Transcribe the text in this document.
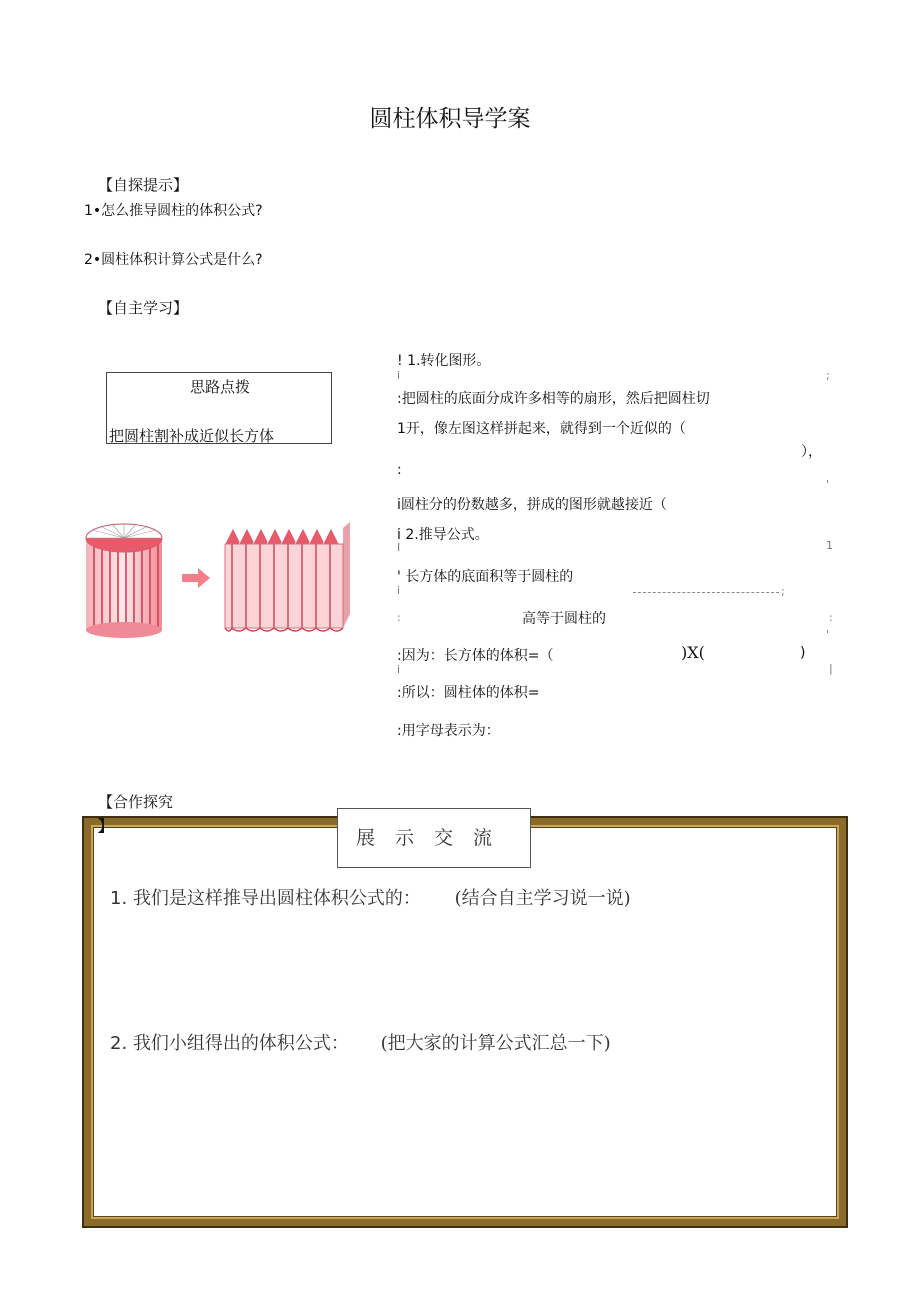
圆柱体积导学案
【自探提示】
1•怎么推导圆柱的体积公式?
2•圆柱体积计算公式是什么?
【自主学习】
思路点拨
把圆柱割补成近似长方体
! 1.转化图形。
i	;
:把圆柱的底面分成许多相等的扇形，然后把圆柱切
1开，像左图这样拼起来，就得到一个近似的（
），
:
'
i圆柱分的份数越多，拼成的图形就越接近（
i 2.推导公式。
I	1
' 长方体的底面积等于圆柱的
;
i
:	高等于圆柱的	:
'
:因为：长方体的体积=（	)X(	)
i	|
:所以：圆柱体的体积=
:用字母表示为：
【合作探究
】
展示交流
1. 我们是这样推导出圆柱体积公式的： (结合自主学习说一说)
2. 我们小组得出的体积公式： (把大家的计算公式汇总一下)
